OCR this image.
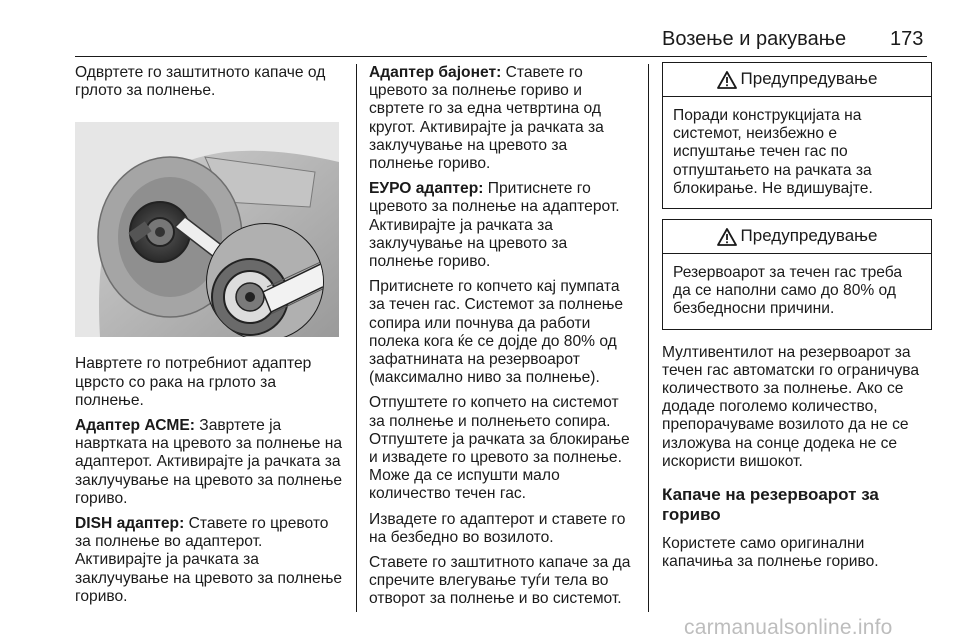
Возење и ракување 173

Одвртете го заштитното капаче од грлото за полнење.

Навртете го потребниот адаптер цврсто со рака на грлото за полнење.

Адаптер АСМЕ: Завртете ја навртката на цревото за полнење на адаптерот. Активирајте ја рачката за заклучување на цревото за полнење гориво.

DISH адаптер: Ставете го цревото за полнење во адаптерот. Активирајте ја рачката за заклучување на цревото за полнење гориво.

Адаптер бајонет: Ставете го цревото за полнење гориво и свртете го за една четвртина од кругот. Активирајте ја рачката за заклучување на цревото за полнење гориво.

ЕУРО адаптер: Притиснете го цревото за полнење на адаптерот. Активирајте ја рачката за заклучување на цревото за полнење гориво.

Притиснете го копчето кај пумпата за течен гас. Системот за полнење сопира или почнува да работи полека кога ќе се дојде до 80% од зафатнината на резервоарот (максимално ниво за полнење).

Отпуштете го копчето на системот за полнење и полнењето сопира. Отпуштете ја рачката за блокирање и извадете го цревото за полнење. Може да се испушти мало количество течен гас.

Извадете го адаптерот и ставете го на безбедно во возилото.

Ставете го заштитното капаче за да спречите влегување туѓи тела во отворот за полнење и во системот.

Предупредување
Поради конструкцијата на системот, неизбежно е испуштање течен гас по отпуштањето на рачката за блокирање. Не вдишувајте.
Предупредување
Резервоарот за течен гас треба да се наполни само до 80% од безбедносни причини.

Мултивентилот на резервоарот за течен гас автоматски го ограничува количеството за полнење. Ако се додаде поголемо количество, препорачуваме возилото да не се изложува на сонце додека не се искористи вишокот.

Капаче на резервоарот за гориво

Користете само оригинални капачиња за полнење гориво.

carmanualsonline.info
